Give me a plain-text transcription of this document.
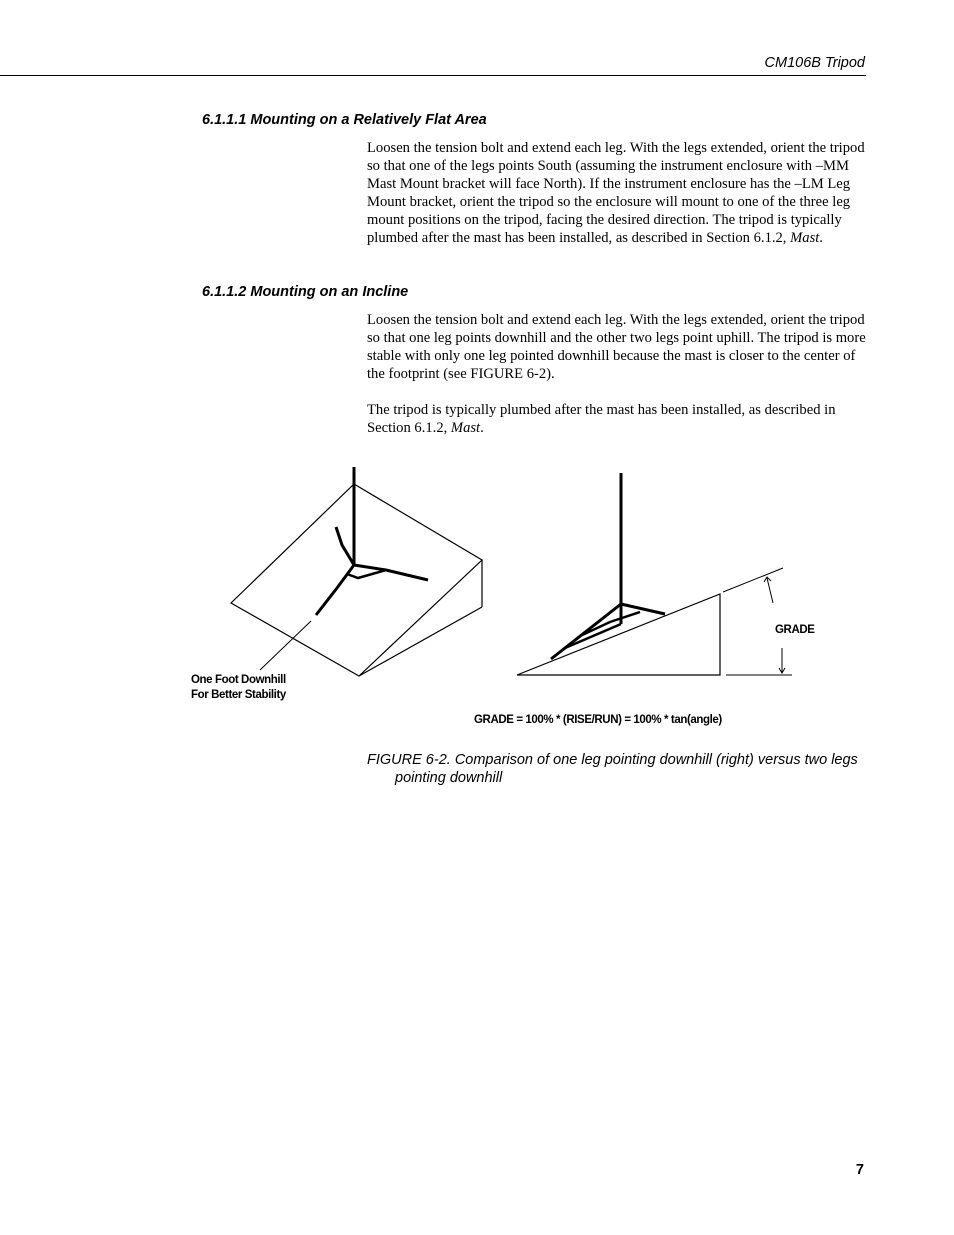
CM106B Tripod
6.1.1.1 Mounting on a Relatively Flat Area

Loosen the tension bolt and extend each leg. With the legs extended, orient the tripod so that one of the legs points South (assuming the instrument enclosure with –MM Mast Mount bracket will face North). If the instrument enclosure has the –LM Leg Mount bracket, orient the tripod so the enclosure will mount to one of the three leg mount positions on the tripod, facing the desired direction. The tripod is typically plumbed after the mast has been installed, as described in Section 6.1.2, Mast.

6.1.1.2 Mounting on an Incline

Loosen the tension bolt and extend each leg. With the legs extended, orient the tripod so that one leg points downhill and the other two legs point uphill. The tripod is more stable with only one leg pointed downhill because the mast is closer to the center of the footprint (see FIGURE 6-2).

The tripod is typically plumbed after the mast has been installed, as described in Section 6.1.2, Mast.

One Foot Downhill
For Better Stability
GRADE
GRADE = 100% * (RISE/RUN) = 100% * tan(angle)

FIGURE 6-2. Comparison of one leg pointing downhill (right) versus two legs pointing downhill

7
